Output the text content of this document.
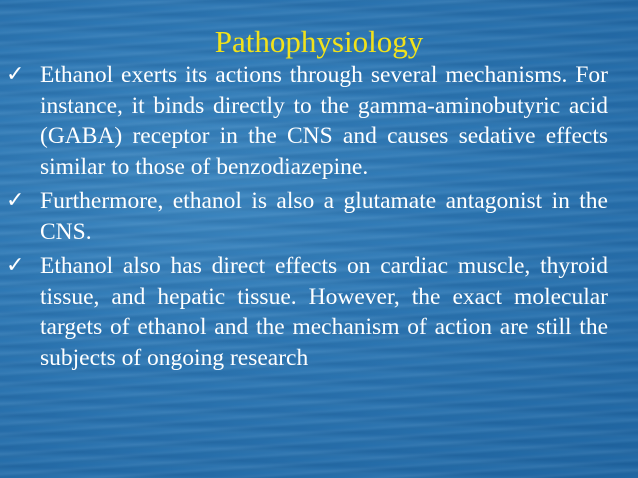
Pathophysiology
✓ Ethanol exerts its actions through several mechanisms. For instance, it binds directly to the gamma-aminobutyric acid (GABA) receptor in the CNS and causes sedative effects similar to those of benzodiazepine.
✓ Furthermore, ethanol is also a glutamate antagonist in the CNS.
✓ Ethanol also has direct effects on cardiac muscle, thyroid tissue, and hepatic tissue. However, the exact molecular targets of ethanol and the mechanism of action are still the subjects of ongoing research
